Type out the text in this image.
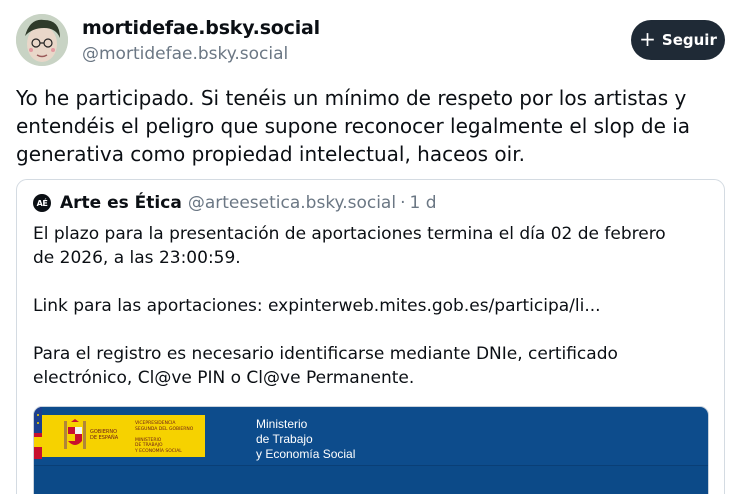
mortidefae.bsky.social
@mortidefae.bsky.social
+ Seguir
Yo he participado. Si tenéis un mínimo de respeto por los artistas y
entendéis el peligro que supone reconocer legalmente el slop de ia
generativa como propiedad intelectual, haceos oir.
AÉ Arte es Ética @arteesetica.bsky.social · 1 d
El plazo para la presentación de aportaciones termina el día 02 de febrero
de 2026, a las 23:00:59.

Link para las aportaciones: expinterweb.mites.gob.es/participa/li...

Para el registro es necesario identificarse mediante DNIe, certificado
electrónico, Cl@ve PIN o Cl@ve Permanente.
GOBIERNO
DE ESPAÑA
VICEPRESIDENCIA
SEGUNDA DEL GOBIERNO

MINISTERIO
DE TRABAJO
Y ECONOMÍA SOCIAL
Ministerio
de Trabajo
y Economía Social
